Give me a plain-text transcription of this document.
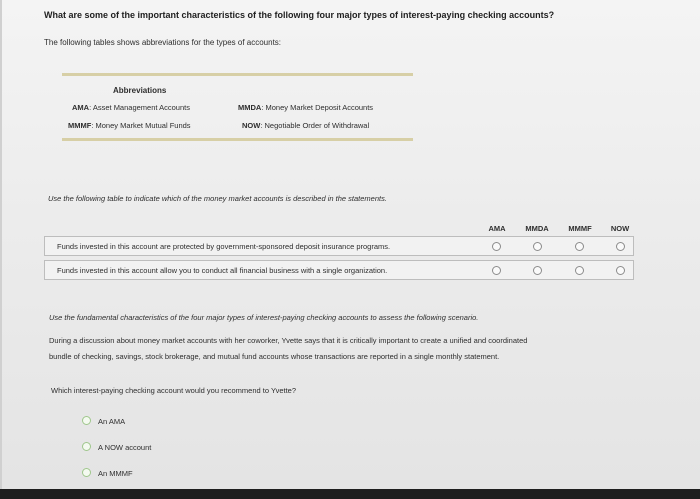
What are some of the important characteristics of the following four major types of interest-paying checking accounts?
The following tables shows abbreviations for the types of accounts:
Abbreviations
AMA: Asset Management Accounts	MMDA: Money Market Deposit Accounts
MMMF: Money Market Mutual Funds	NOW: Negotiable Order of Withdrawal
Use the following table to indicate which of the money market accounts is described in the statements.
AMA	MMDA	MMMF	NOW
Funds invested in this account are protected by government-sponsored deposit insurance programs.
Funds invested in this account allow you to conduct all financial business with a single organization.
Use the fundamental characteristics of the four major types of interest-paying checking accounts to assess the following scenario.
During a discussion about money market accounts with her coworker, Yvette says that it is critically important to create a unified and coordinated
bundle of checking, savings, stock brokerage, and mutual fund accounts whose transactions are reported in a single monthly statement.
Which interest-paying checking account would you recommend to Yvette?
An AMA
A NOW account
An MMMF
